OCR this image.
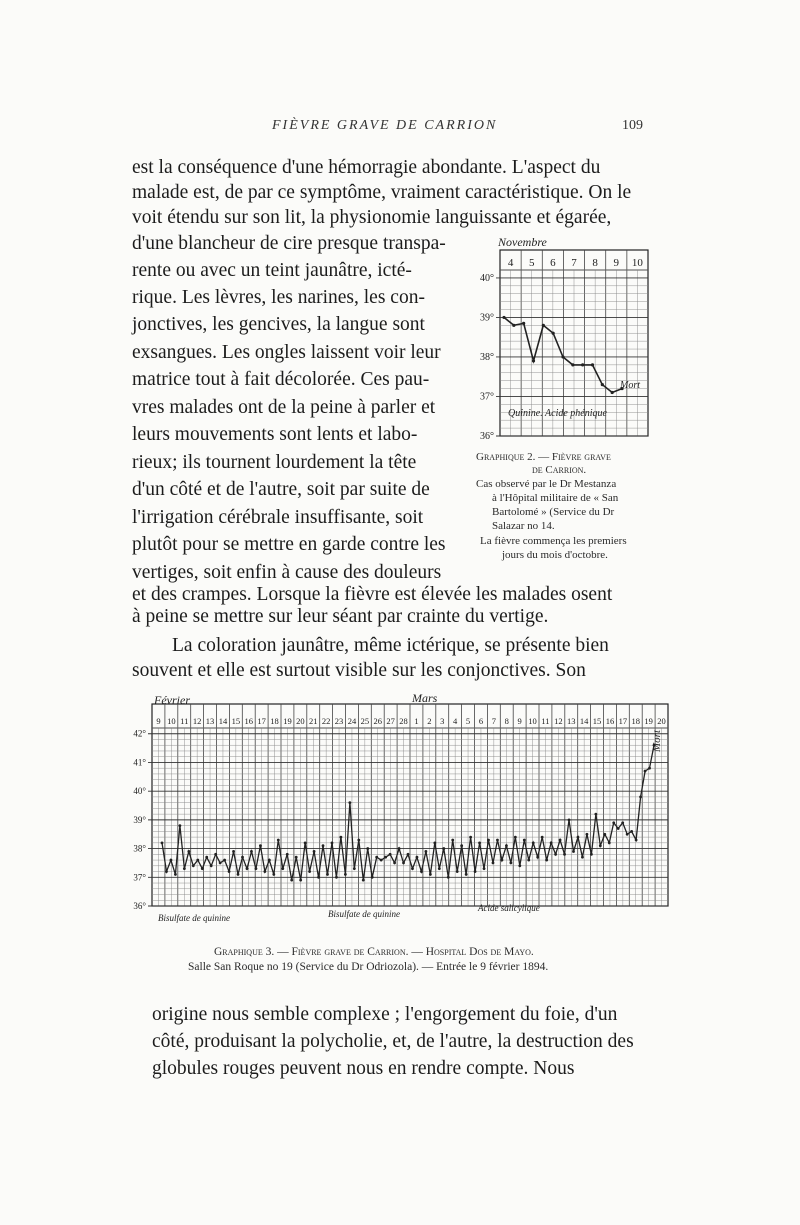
FIÈVRE GRAVE DE CARRION	109
est la conséquence d'une hémorragie abondante. L'aspect du
malade est, de par ce symptôme, vraiment caractéristique. On le
voit étendu sur son lit, la physionomie languissante et égarée,
d'une blancheur de cire presque transpa-
rente ou avec un teint jaunâtre, icté-
rique. Les lèvres, les narines, les con-
jonctives, les gencives, la langue sont
exsangues. Les ongles laissent voir leur
matrice tout à fait décolorée. Ces pau-
vres malades ont de la peine à parler et
leurs mouvements sont lents et labo-
rieux; ils tournent lourdement la tête
d'un côté et de l'autre, soit par suite de
l'irrigation cérébrale insuffisante, soit
plutôt pour se mettre en garde contre les
vertiges, soit enfin à cause des douleurs
et des crampes. Lorsque la fièvre est élevée les malades osent
à peine se mettre sur leur séant par crainte du vertige.
La coloration jaunâtre, même ictérique, se présente bien
souvent et elle est surtout visible sur les conjonctives. Son
Novembre
4 5 6 7 8 9 10
40°
39°
38°
37°
36°
Mort
Quinine. Acide phénique
Graphique 2. — Fièvre grave
de Carrion.
Cas observé par le Dr Mestanza
à l'Hôpital militaire de « San
Bartolomé » (Service du Dr
Salazar no 14.
La fièvre commença les premiers
jours du mois d'octobre.
Février	Mars
9 10 11 12 13 14 15 16 17 18 19 20 21 22 23 24 25 26 27 28 1 2 3 4 5 6 7 8 9 10 11 12 13 14 15 16 17 18 19 20
42°
41°
40°
39°
38°
37°
36°
Bisulfate de quinine	Bisulfate de quinine
Acide salicylique
Mort
Graphique 3. — Fièvre grave de Carrion. — Hospital Dos de Mayo.
Salle San Roque no 19 (Service du Dr Odriozola). — Entrée le 9 février 1894.
origine nous semble complexe ; l'engorgement du foie, d'un
côté, produisant la polycholie, et, de l'autre, la destruction des
globules rouges peuvent nous en rendre compte. Nous
